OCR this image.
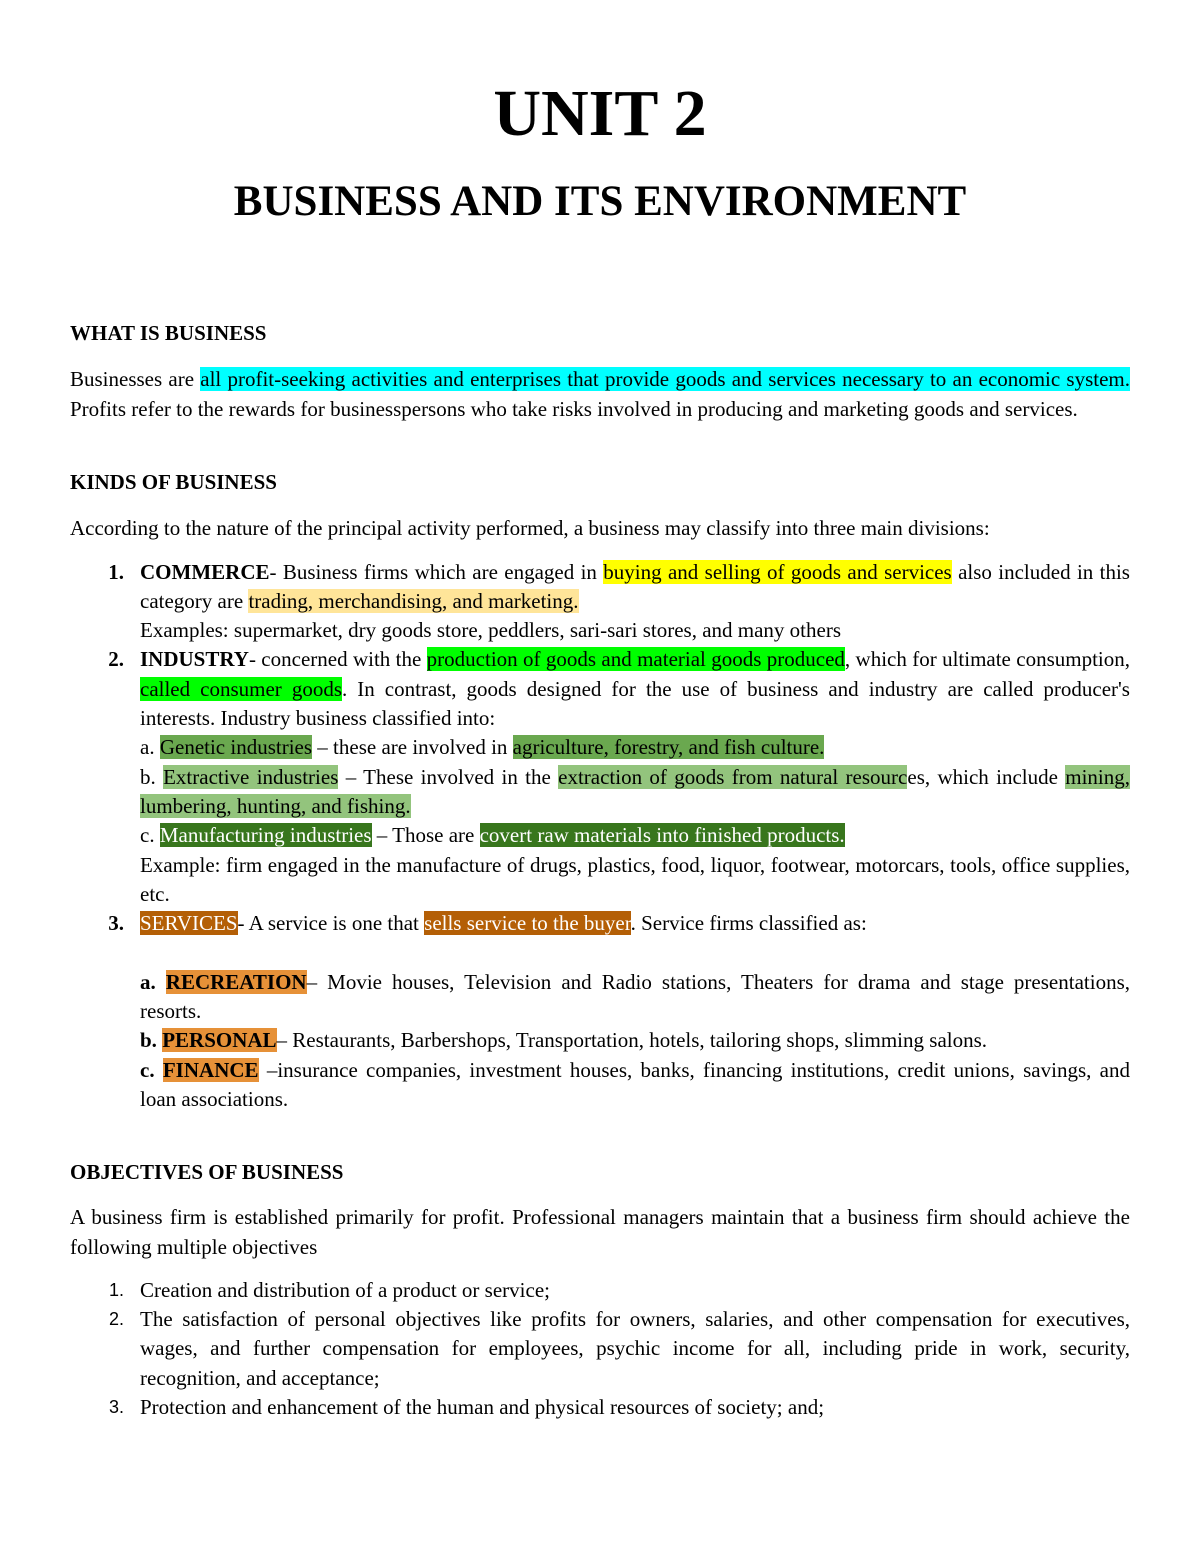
UNIT 2
BUSINESS AND ITS ENVIRONMENT
WHAT IS BUSINESS
Businesses are all profit-seeking activities and enterprises that provide goods and services necessary to an economic system. Profits refer to the rewards for businesspersons who take risks involved in producing and marketing goods and services.
KINDS OF BUSINESS
According to the nature of the principal activity performed, a business may classify into three main divisions:
1. COMMERCE- Business firms which are engaged in buying and selling of goods and services also included in this category are trading, merchandising, and marketing.
Examples: supermarket, dry goods store, peddlers, sari-sari stores, and many others
2. INDUSTRY- concerned with the production of goods and material goods produced, which for ultimate consumption, called consumer goods. In contrast, goods designed for the use of business and industry are called producer's interests. Industry business classified into:
a. Genetic industries – these are involved in agriculture, forestry, and fish culture.
b. Extractive industries – These involved in the extraction of goods from natural resources, which include mining, lumbering, hunting, and fishing.
c. Manufacturing industries – Those are covert raw materials into finished products.
Example: firm engaged in the manufacture of drugs, plastics, food, liquor, footwear, motorcars, tools, office supplies, etc.
3. SERVICES- A service is one that sells service to the buyer. Service firms classified as:
a. RECREATION– Movie houses, Television and Radio stations, Theaters for drama and stage presentations, resorts.
b. PERSONAL– Restaurants, Barbershops, Transportation, hotels, tailoring shops, slimming salons.
c. FINANCE –insurance companies, investment houses, banks, financing institutions, credit unions, savings, and loan associations.
OBJECTIVES OF BUSINESS
A business firm is established primarily for profit. Professional managers maintain that a business firm should achieve the following multiple objectives
1. Creation and distribution of a product or service;
2. The satisfaction of personal objectives like profits for owners, salaries, and other compensation for executives, wages, and further compensation for employees, psychic income for all, including pride in work, security, recognition, and acceptance;
3. Protection and enhancement of the human and physical resources of society; and;
